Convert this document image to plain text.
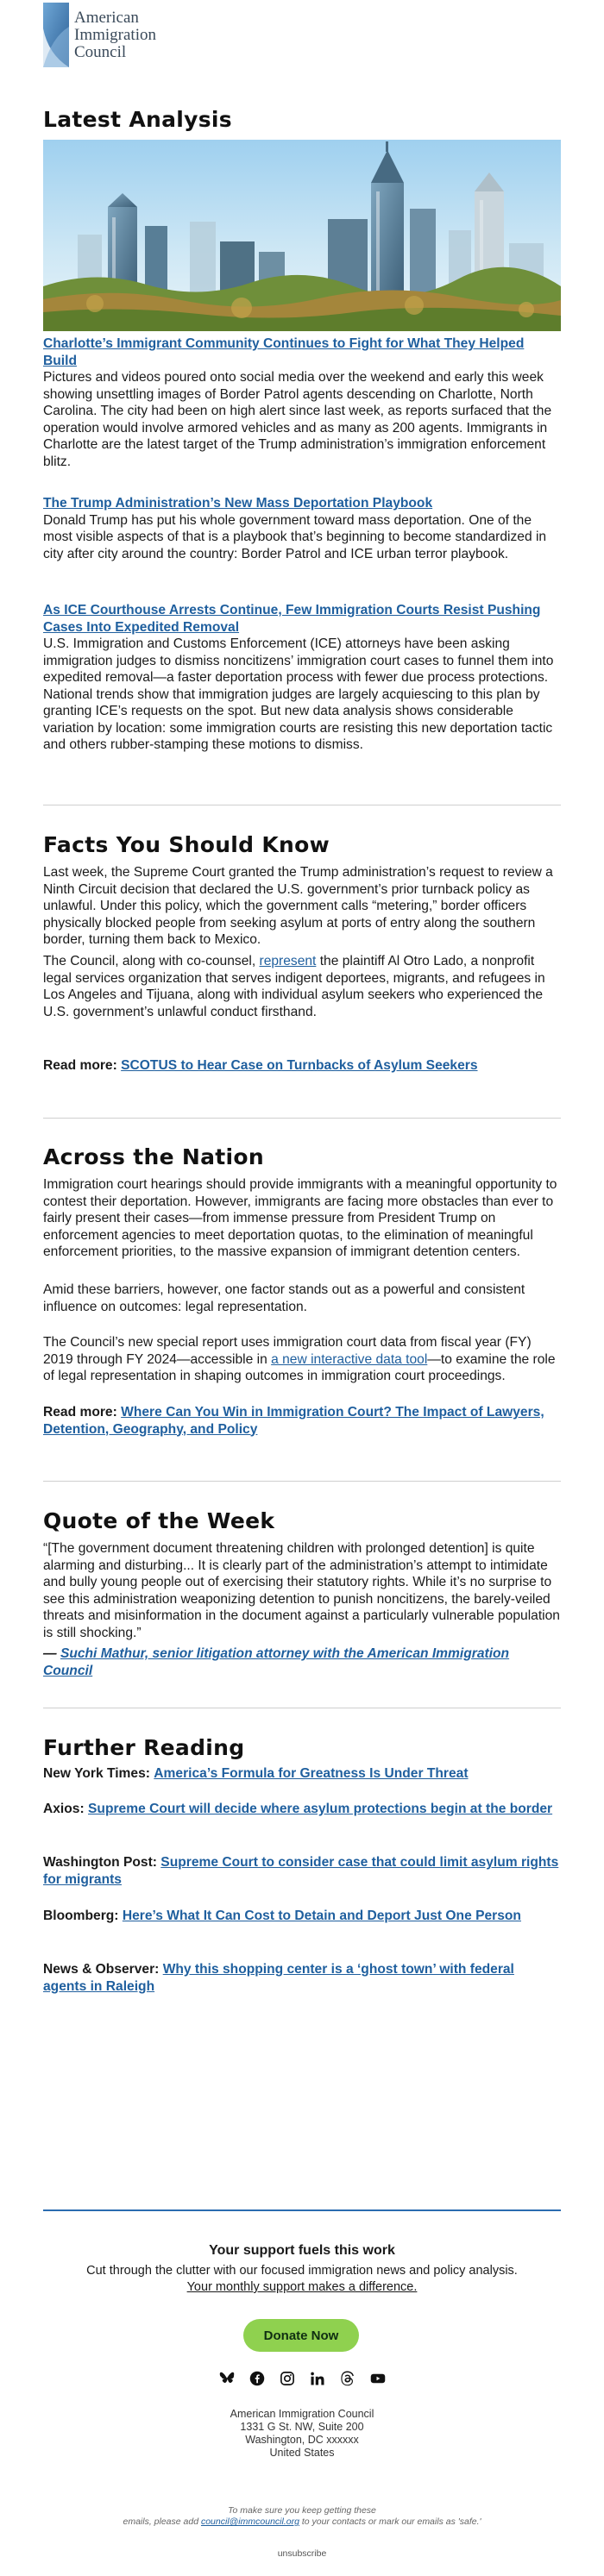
American
Immigration
Council
Latest Analysis
Charlotte’s Immigrant Community Continues to Fight for What They Helped Build

Pictures and videos poured onto social media over the weekend and early this week showing unsettling images of Border Patrol agents descending on Charlotte, North Carolina. The city had been on high alert since last week, as reports surfaced that the operation would involve armored vehicles and as many as 200 agents. Immigrants in Charlotte are the latest target of the Trump administration’s immigration enforcement blitz.

The Trump Administration’s New Mass Deportation Playbook

Donald Trump has put his whole government toward mass deportation. One of the most visible aspects of that is a playbook that’s beginning to become standardized in city after city around the country: Border Patrol and ICE urban terror playbook.

As ICE Courthouse Arrests Continue, Few Immigration Courts Resist Pushing Cases Into Expedited Removal

U.S. Immigration and Customs Enforcement (ICE) attorneys have been asking immigration judges to dismiss noncitizens’ immigration court cases to funnel them into expedited removal—a faster deportation process with fewer due process protections. National trends show that immigration judges are largely acquiescing to this plan by granting ICE’s requests on the spot. But new data analysis shows considerable variation by location: some immigration courts are resisting this new deportation tactic and others rubber-stamping these motions to dismiss.

Facts You Should Know

Last week, the Supreme Court granted the Trump administration’s request to review a Ninth Circuit decision that declared the U.S. government’s prior turnback policy as unlawful. Under this policy, which the government calls “metering,” border officers physically blocked people from seeking asylum at ports of entry along the southern border, turning them back to Mexico.

The Council, along with co-counsel, represent the plaintiff Al Otro Lado, a nonprofit legal services organization that serves indigent deportees, migrants, and refugees in Los Angeles and Tijuana, along with individual asylum seekers who experienced the U.S. government’s unlawful conduct firsthand.

Read more: SCOTUS to Hear Case on Turnbacks of Asylum Seekers

Across the Nation

Immigration court hearings should provide immigrants with a meaningful opportunity to contest their deportation. However, immigrants are facing more obstacles than ever to fairly present their cases—from immense pressure from President Trump on enforcement agencies to meet deportation quotas, to the elimination of meaningful enforcement priorities, to the massive expansion of immigrant detention centers.

Amid these barriers, however, one factor stands out as a powerful and consistent influence on outcomes: legal representation.

The Council’s new special report uses immigration court data from fiscal year (FY) 2019 through FY 2024—accessible in a new interactive data tool—to examine the role of legal representation in shaping outcomes in immigration court proceedings.

Read more: Where Can You Win in Immigration Court? The Impact of Lawyers, Detention, Geography, and Policy

Quote of the Week

“[The government document threatening children with prolonged detention] is quite alarming and disturbing... It is clearly part of the administration’s attempt to intimidate and bully young people out of exercising their statutory rights. While it’s no surprise to see this administration weaponizing detention to punish noncitizens, the barely-veiled threats and misinformation in the document against a particularly vulnerable population is still shocking.”

— Suchi Mathur, senior litigation attorney with the American Immigration Council

Further Reading

New York Times: America’s Formula for Greatness Is Under Threat

Axios: Supreme Court will decide where asylum protections begin at the border

Washington Post: Supreme Court to consider case that could limit asylum rights for migrants

Bloomberg: Here’s What It Can Cost to Detain and Deport Just One Person

News & Observer: Why this shopping center is a ‘ghost town’ with federal agents in Raleigh

Your support fuels this work
Cut through the clutter with our focused immigration news and policy analysis. Your monthly support makes a difference.
Donate Now
American Immigration Council
1331 G St. NW, Suite 200
Washington, DC xxxxxx
United States
To make sure you keep getting these
emails, please add council@immcouncil.org to your contacts or mark our emails as 'safe.'
unsubscribe
